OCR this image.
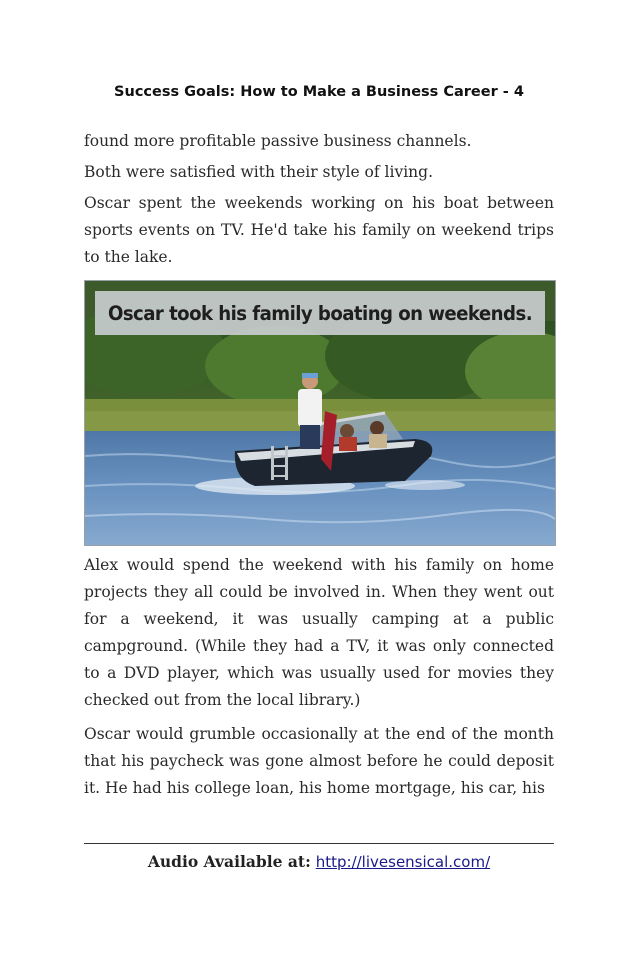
Success Goals: How to Make a Business Career - 4

found more profitable passive business channels.

Both were satisfied with their style of living.

Oscar spent the weekends working on his boat between sports events on TV. He'd take his family on weekend trips to the lake.

Oscar took his family boating on weekends.

Alex would spend the weekend with his family on home projects they all could be involved in. When they went out for a weekend, it was usually camping at a public campground. (While they had a TV, it was only connected to a DVD player, which was usually used for movies they checked out from the local library.)

Oscar would grumble occasionally at the end of the month that his paycheck was gone almost before he could deposit it. He had his college loan, his home mortgage, his car, his

Audio Available at: http://livesensical.com/
